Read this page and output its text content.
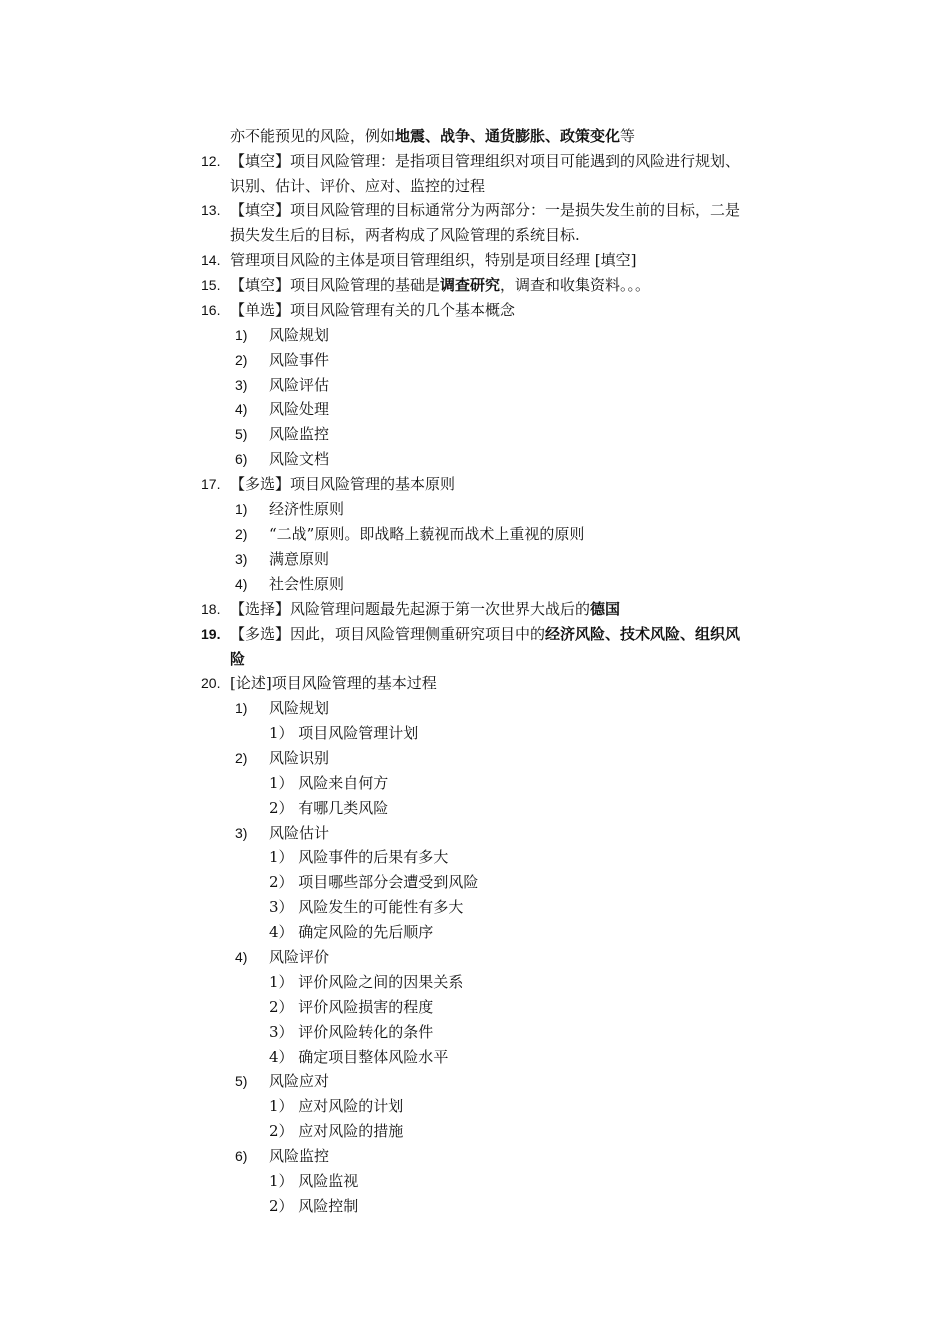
亦不能预见的风险，例如地震、战争、通货膨胀、政策变化等
12. 【填空】项目风险管理：是指项目管理组织对项目可能遇到的风险进行规划、
识别、估计、评价、应对、监控的过程
13. 【填空】项目风险管理的目标通常分为两部分：一是损失发生前的目标，二是
损失发生后的目标，两者构成了风险管理的系统目标.
14. 管理项目风险的主体是项目管理组织，特别是项目经理 [填空]
15. 【填空】项目风险管理的基础是调查研究，调查和收集资料。。。
16. 【单选】项目风险管理有关的几个基本概念
1) 风险规划
2) 风险事件
3) 风险评估
4) 风险处理
5) 风险监控
6) 风险文档
17. 【多选】项目风险管理的基本原则
1) 经济性原则
2) “二战”原则。即战略上藐视而战术上重视的原则
3) 满意原则
4) 社会性原则
18. 【选择】风险管理问题最先起源于第一次世界大战后的德国
19. 【多选】因此，项目风险管理侧重研究项目中的经济风险、技术风险、组织风
险
20. [论述]项目风险管理的基本过程
1) 风险规划
1） 项目风险管理计划
2) 风险识别
1） 风险来自何方
2） 有哪几类风险
3) 风险估计
1） 风险事件的后果有多大
2） 项目哪些部分会遭受到风险
3） 风险发生的可能性有多大
4） 确定风险的先后顺序
4) 风险评价
1） 评价风险之间的因果关系
2） 评价风险损害的程度
3） 评价风险转化的条件
4） 确定项目整体风险水平
5) 风险应对
1） 应对风险的计划
2） 应对风险的措施
6) 风险监控
1） 风险监视
2） 风险控制
